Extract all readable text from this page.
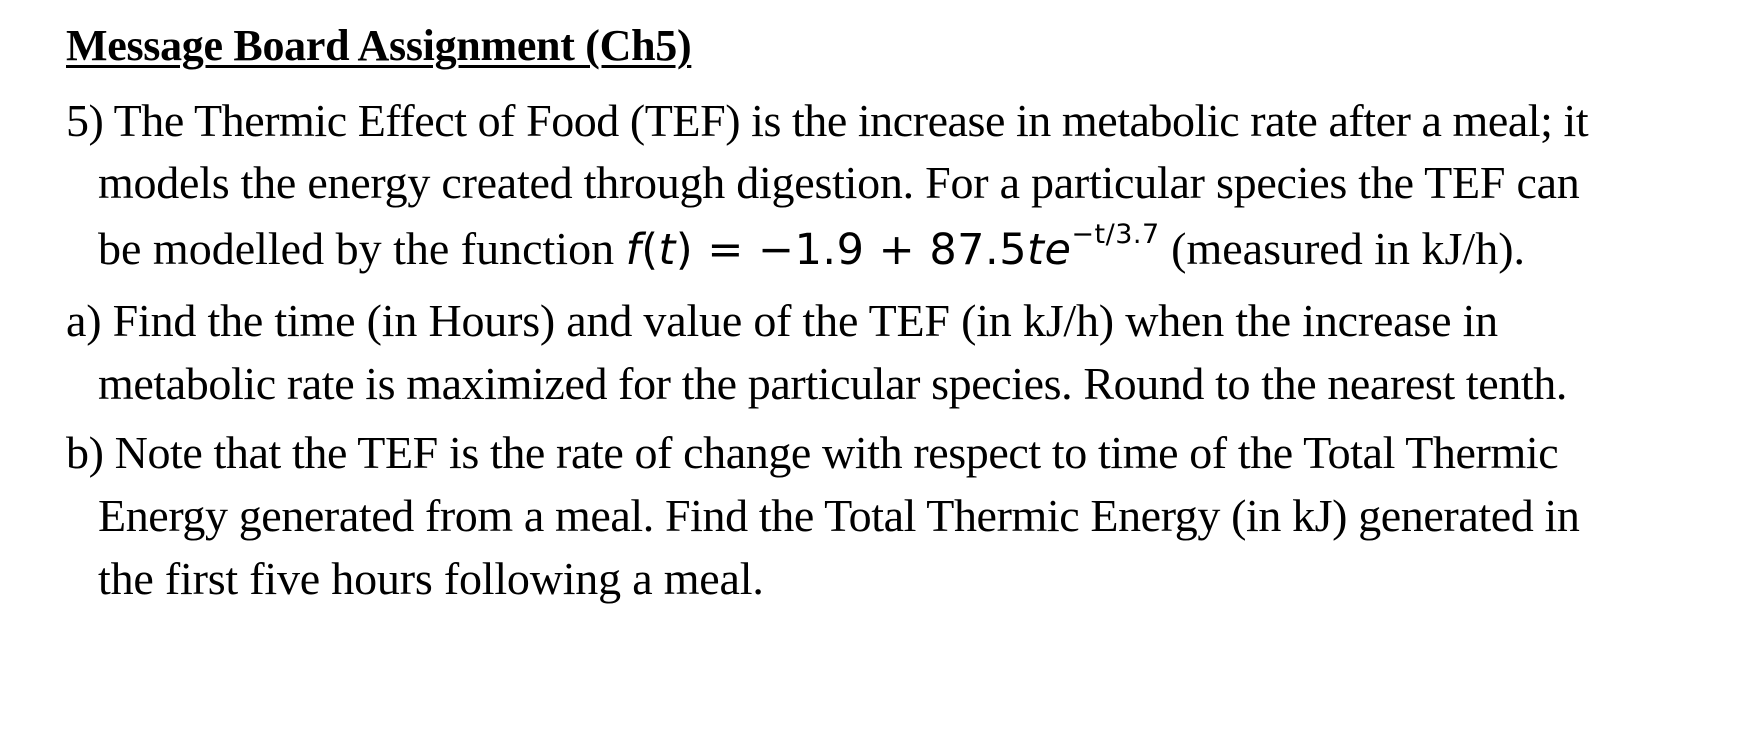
Message Board Assignment (Ch5)
5) The Thermic Effect of Food (TEF) is the increase in metabolic rate after a meal; it
models the energy created through digestion. For a particular species the TEF can
be modelled by the function $f(t) = -1.9 + 87.5te^{-t/3.7}$ (measured in kJ/h).
a) Find the time (in Hours) and value of the TEF (in kJ/h) when the increase in
metabolic rate is maximized for the particular species. Round to the nearest tenth.
b) Note that the TEF is the rate of change with respect to time of the Total Thermic
Energy generated from a meal. Find the Total Thermic Energy (in kJ) generated in
the first five hours following a meal.
